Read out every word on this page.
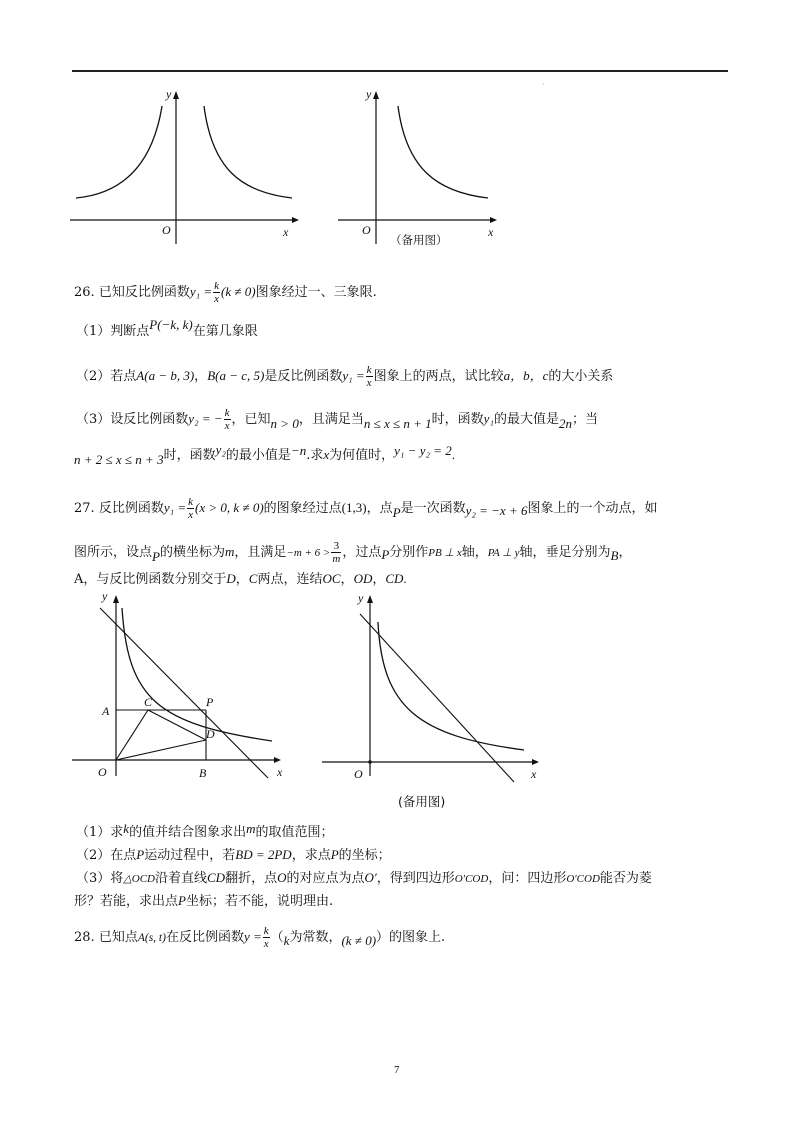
·
y
x
O
y
x
O
（备用图）
26. 已知反比例函数$y_1 = \frac{k}{x} (k \ne 0)$图象经过一、三象限.
（1）判断点P(−k, k)在第几象限
（2）若点A(a − b, 3)，B(a − c, 5)是反比例函数$y_1 = \frac{k}{x}$ 图象上的两点，试比较a，b，c的大小关系
（3）设反比例函数y₂ = − $\frac{k}{x}$ ，已知n > 0，且满足当n ≤ x ≤ n + 1时，函数y₁的最大值是2n；当
n + 2 ≤ x ≤ n + 3时，函数y₂的最小值是−n.求x为何值时，y₁ − y₂ = 2.
27. 反比例函数$y_1 = \frac{k}{x} (x > 0$, k ≠ 0)的图象经过点(1,3)，点P是一次函数y₂ = −x + 6图象上的一个动点，如
图所示，设点P的横坐标为m，且满足$-m + 6 > \frac{3}{m}$ ，过点P分别作PB ⊥ x轴，PA ⊥ y轴，垂足分别为B，
A，与反比例函数分别交于D，C两点，连结OC，OD，CD.
y
x
O
A
B
C
D
P
y
x
O
(备用图)
（1）求k的值并结合图象求出m的取值范围；
（2）在点P运动过程中，若BD = 2PD，求点P的坐标；
（3）将△OCD沿着直线CD翻折，点O的对应点为点O′，得到四边形O′COD，问：四边形O′COD能否为菱
形？若能，求出点P坐标；若不能，说明理由.
28. 已知点A(s, t)在反比例函数$y = \frac{k}{x} (k$为常数，(k ≠ 0)）的图象上.
7
